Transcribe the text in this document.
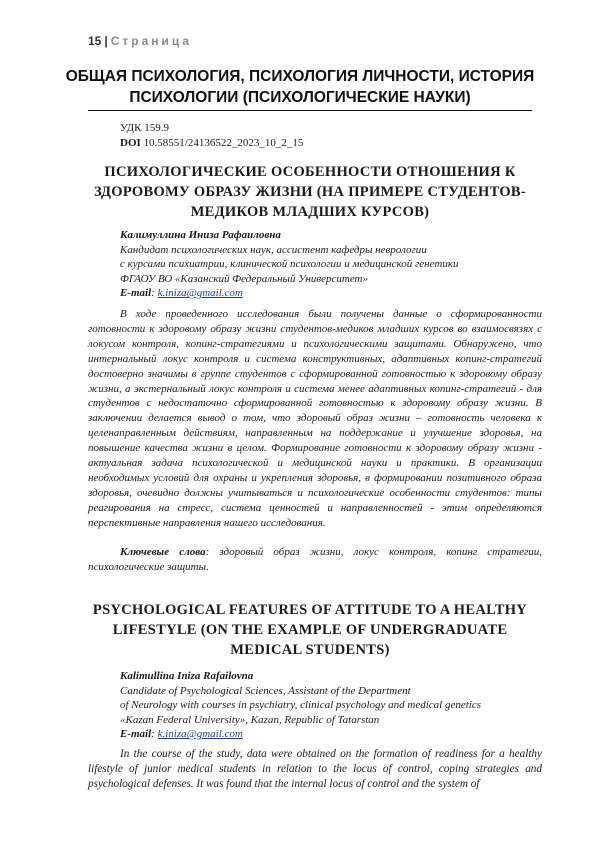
15 | Страница
ОБЩАЯ ПСИХОЛОГИЯ, ПСИХОЛОГИЯ ЛИЧНОСТИ, ИСТОРИЯ ПСИХОЛОГИИ (ПСИХОЛОГИЧЕСКИЕ НАУКИ)
УДК 159.9
DOI 10.58551/24136522_2023_10_2_15
ПСИХОЛОГИЧЕСКИЕ ОСОБЕННОСТИ ОТНОШЕНИЯ К ЗДОРОВОМУ ОБРАЗУ ЖИЗНИ (НА ПРИМЕРЕ СТУДЕНТОВ-МЕДИКОВ МЛАДШИХ КУРСОВ)
Калимуллина Иниза Рафаиловна
Кандидат психологических наук, ассистент кафедры неврологии
с курсами психиатрии, клинической психологии и медицинской генетики
ФГАОУ ВО «Казанский Федеральный Университет»
E-mail: k.iniza@gmail.com
В ходе проведенного исследования были получены данные о сформированности готовности к здоровому образу жизни студентов-медиков младших курсов во взаимосвязях с локусом контроля, копинг-стратегиями и психологическими защитами. Обнаружено, что интернальный локус контроля и система конструктивных, адаптивных копинг-стратегий достоверно значимы в группе студентов с сформированной готовностью к здоровому образу жизни, а экстернальный локус контроля и система менее адаптивных копинг-стратегий - для студентов с недостаточно сформированной готовностью к здоровому образу жизни. В заключении делается вывод о том, что здоровый образ жизни – готовность человека к целенаправленным действиям, направленным на поддержание и улучшение здоровья, на повышение качества жизни в целом. Формирование готовности к здоровому образу жизни - актуальная задача психологической и медицинской науки и практики. В организации необходимых условий для охраны и укрепления здоровья, в формировании позитивного образа здоровья, очевидно должны учитываться и психологические особенности студентов: типы реагирования на стресс, система ценностей и направленностей - этим определяются перспективные направления нашего исследования.
Ключевые слова: здоровый образ жизни, локус контроля, копинг стратегии, психологические защиты.
PSYCHOLOGICAL FEATURES OF ATTITUDE TO A HEALTHY LIFESTYLE (ON THE EXAMPLE OF UNDERGRADUATE MEDICAL STUDENTS)
Kalimullina Iniza Rafailovna
Candidate of Psychological Sciences, Assistant of the Department
of Neurology with courses in psychiatry, clinical psychology and medical genetics
«Kazan Federal University», Kazan, Republic of Tatarstan
E-mail: k.iniza@gmail.com
In the course of the study, data were obtained on the formation of readiness for a healthy lifestyle of junior medical students in relation to the locus of control, coping strategies and psychological defenses. It was found that the internal locus of control and the system of
